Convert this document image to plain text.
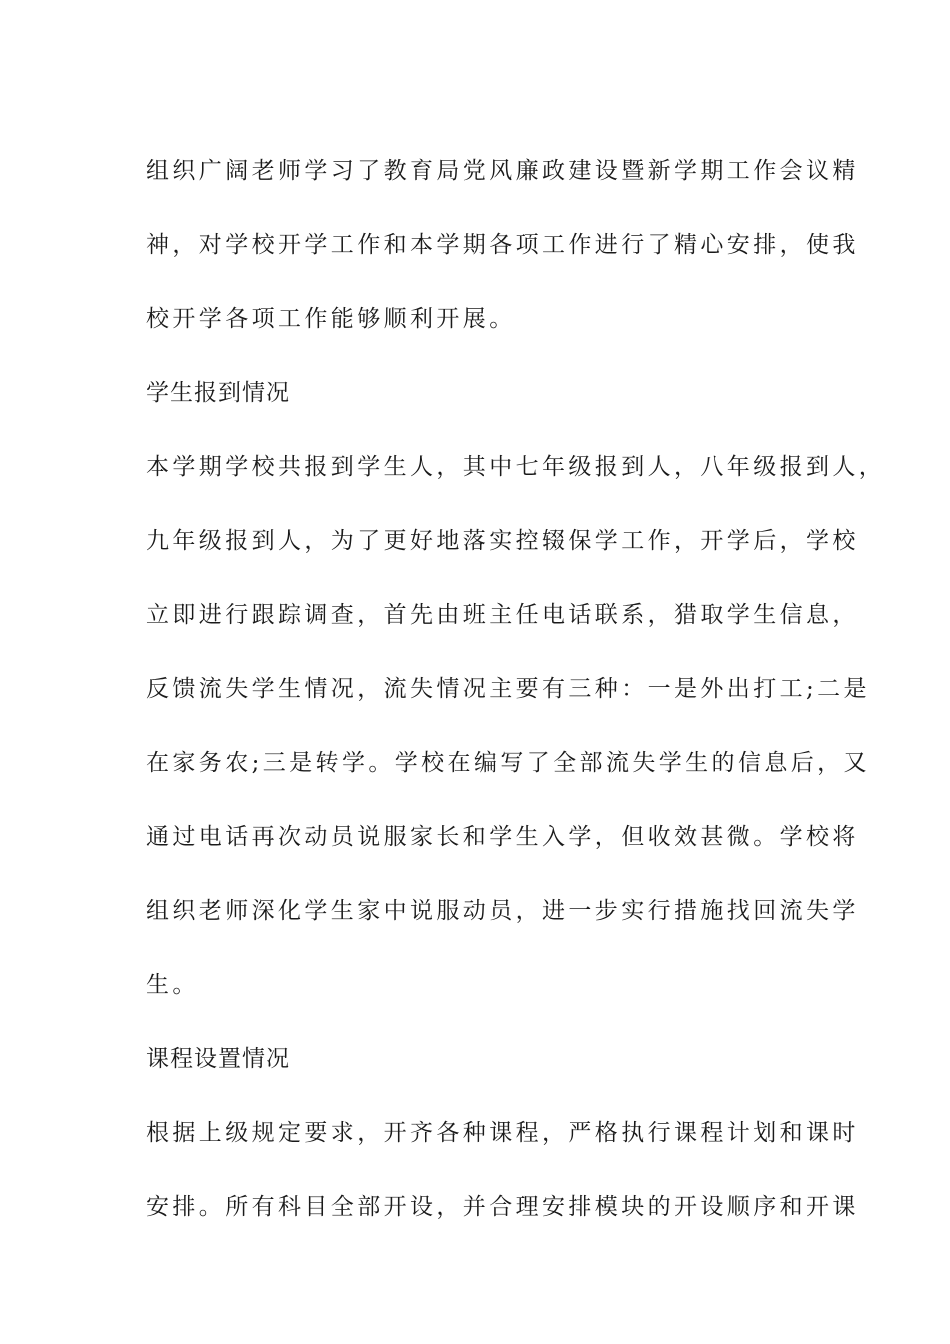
组织广阔老师学习了教育局党风廉政建设暨新学期工作会议精
神，对学校开学工作和本学期各项工作进行了精心安排，使我
校开学各项工作能够顺利开展。
学生报到情况
本学期学校共报到学生人，其中七年级报到人，八年级报到人，
九年级报到人，为了更好地落实控辍保学工作，开学后，学校
立即进行跟踪调查，首先由班主任电话联系，猎取学生信息，
反馈流失学生情况，流失情况主要有三种：一是外出打工;二是
在家务农;三是转学。学校在编写了全部流失学生的信息后，又
通过电话再次动员说服家长和学生入学，但收效甚微。学校将
组织老师深化学生家中说服动员，进一步实行措施找回流失学
生。
课程设置情况
根据上级规定要求，开齐各种课程，严格执行课程计划和课时
安排。所有科目全部开设，并合理安排模块的开设顺序和开课
